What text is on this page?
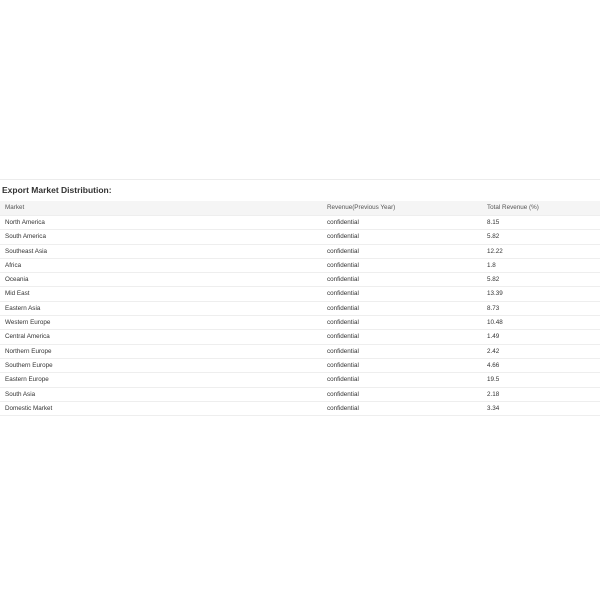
Export Market Distribution:
Market	Revenue(Previous Year)	Total Revenue (%)
North America	confidential	8.15
South America	confidential	5.82
Southeast Asia	confidential	12.22
Africa	confidential	1.8
Oceania	confidential	5.82
Mid East	confidential	13.39
Eastern Asia	confidential	8.73
Western Europe	confidential	10.48
Central America	confidential	1.49
Northern Europe	confidential	2.42
Southern Europe	confidential	4.66
Eastern Europe	confidential	19.5
South Asia	confidential	2.18
Domestic Market	confidential	3.34
